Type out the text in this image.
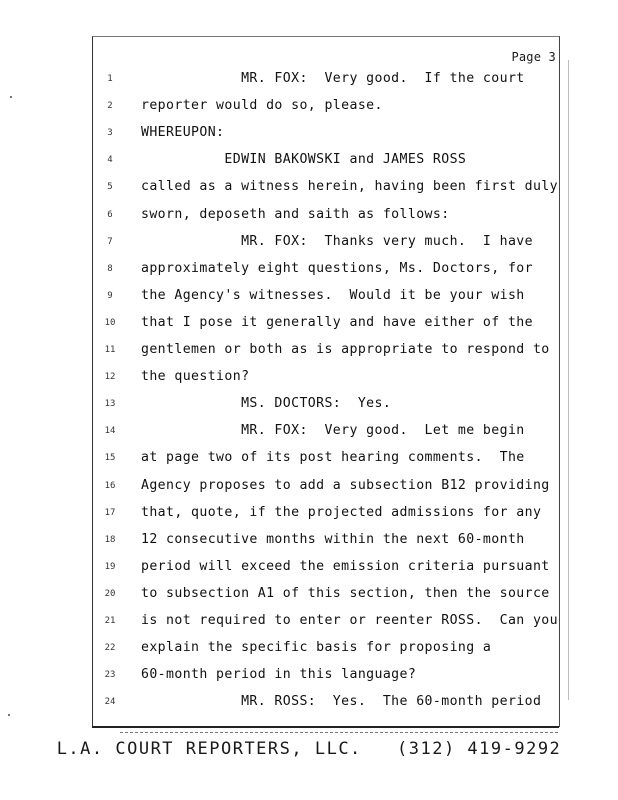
Page 3
1	MR. FOX:  Very good.  If the court
2	reporter would do so, please.
3	WHEREUPON:
4	EDWIN BAKOWSKI and JAMES ROSS
5	called as a witness herein, having been first duly
6	sworn, deposeth and saith as follows:
7	MR. FOX:  Thanks very much.  I have
8	approximately eight questions, Ms. Doctors, for
9	the Agency's witnesses.  Would it be your wish
10	that I pose it generally and have either of the
11	gentlemen or both as is appropriate to respond to
12	the question?
13	MS. DOCTORS:  Yes.
14	MR. FOX:  Very good.  Let me begin
15	at page two of its post hearing comments.  The
16	Agency proposes to add a subsection B12 providing
17	that, quote, if the projected admissions for any
18	12 consecutive months within the next 60-month
19	period will exceed the emission criteria pursuant
20	to subsection A1 of this section, then the source
21	is not required to enter or reenter ROSS.  Can you
22	explain the specific basis for proposing a
23	60-month period in this language?
24	MR. ROSS:  Yes.  The 60-month period
L.A. COURT REPORTERS, LLC.   (312) 419-9292
